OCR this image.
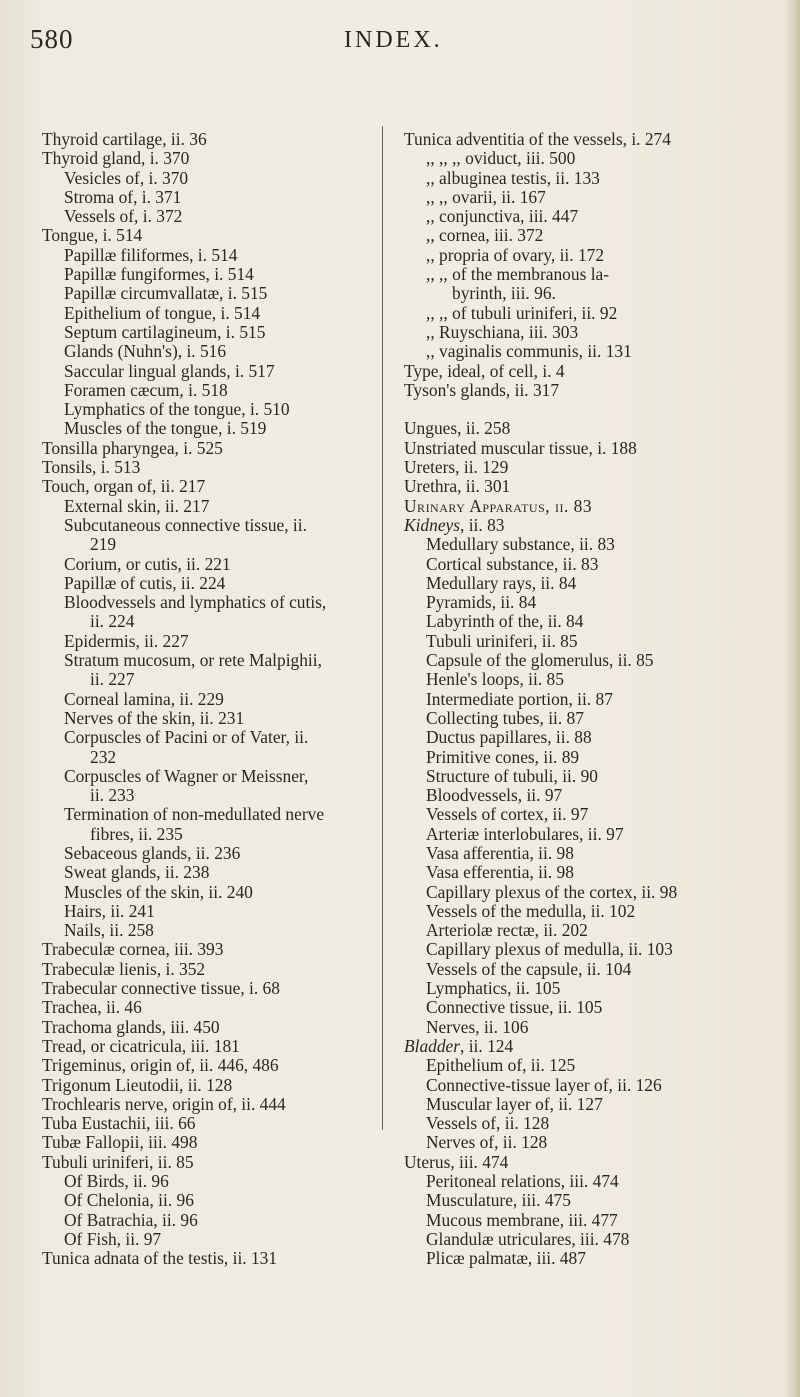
580	INDEX.
Thyroid cartilage, ii. 36
Thyroid gland, i. 370
Vesicles of, i. 370
Stroma of, i. 371
Vessels of, i. 372
Tongue, i. 514
Papillæ filiformes, i. 514
Papillæ fungiformes, i. 514
Papillæ circumvallatæ, i. 515
Epithelium of tongue, i. 514
Septum cartilagineum, i. 515
Glands (Nuhn's), i. 516
Saccular lingual glands, i. 517
Foramen cæcum, i. 518
Lymphatics of the tongue, i. 510
Muscles of the tongue, i. 519
Tonsilla pharyngea, i. 525
Tonsils, i. 513
Touch, organ of, ii. 217
External skin, ii. 217
Subcutaneous connective tissue, ii.
219
Corium, or cutis, ii. 221
Papillæ of cutis, ii. 224
Bloodvessels and lymphatics of cutis,
ii. 224
Epidermis, ii. 227
Stratum mucosum, or rete Malpighii,
ii. 227
Corneal lamina, ii. 229
Nerves of the skin, ii. 231
Corpuscles of Pacini or of Vater, ii.
232
Corpuscles of Wagner or Meissner,
ii. 233
Termination of non-medullated nerve
fibres, ii. 235
Sebaceous glands, ii. 236
Sweat glands, ii. 238
Muscles of the skin, ii. 240
Hairs, ii. 241
Nails, ii. 258
Trabeculæ cornea, iii. 393
Trabeculæ lienis, i. 352
Trabecular connective tissue, i. 68
Trachea, ii. 46
Trachoma glands, iii. 450
Tread, or cicatricula, iii. 181
Trigeminus, origin of, ii. 446, 486
Trigonum Lieutodii, ii. 128
Trochlearis nerve, origin of, ii. 444
Tuba Eustachii, iii. 66
Tubæ Fallopii, iii. 498
Tubuli uriniferi, ii. 85
Of Birds, ii. 96
Of Chelonia, ii. 96
Of Batrachia, ii. 96
Of Fish, ii. 97
Tunica adnata of the testis, ii. 131
Tunica adventitia of the vessels, i. 274
,, ,, ,, oviduct, iii. 500
,, albuginea testis, ii. 133
,, ,, ovarii, ii. 167
,, conjunctiva, iii. 447
,, cornea, iii. 372
,, propria of ovary, ii. 172
,, ,, of the membranous la-
byrinth, iii. 96.
,, ,, of tubuli uriniferi, ii. 92
,, Ruyschiana, iii. 303
,, vaginalis communis, ii. 131
Type, ideal, of cell, i. 4
Tyson's glands, ii. 317
Ungues, ii. 258
Unstriated muscular tissue, i. 188
Ureters, ii. 129
Urethra, ii. 301
Urinary Apparatus, ii. 83
Kidneys, ii. 83
Medullary substance, ii. 83
Cortical substance, ii. 83
Medullary rays, ii. 84
Pyramids, ii. 84
Labyrinth of the, ii. 84
Tubuli uriniferi, ii. 85
Capsule of the glomerulus, ii. 85
Henle's loops, ii. 85
Intermediate portion, ii. 87
Collecting tubes, ii. 87
Ductus papillares, ii. 88
Primitive cones, ii. 89
Structure of tubuli, ii. 90
Bloodvessels, ii. 97
Vessels of cortex, ii. 97
Arteriæ interlobulares, ii. 97
Vasa afferentia, ii. 98
Vasa efferentia, ii. 98
Capillary plexus of the cortex, ii. 98
Vessels of the medulla, ii. 102
Arteriolæ rectæ, ii. 202
Capillary plexus of medulla, ii. 103
Vessels of the capsule, ii. 104
Lymphatics, ii. 105
Connective tissue, ii. 105
Nerves, ii. 106
Bladder, ii. 124
Epithelium of, ii. 125
Connective-tissue layer of, ii. 126
Muscular layer of, ii. 127
Vessels of, ii. 128
Nerves of, ii. 128
Uterus, iii. 474
Peritoneal relations, iii. 474
Musculature, iii. 475
Mucous membrane, iii. 477
Glandulæ utriculares, iii. 478
Plicæ palmatæ, iii. 487
